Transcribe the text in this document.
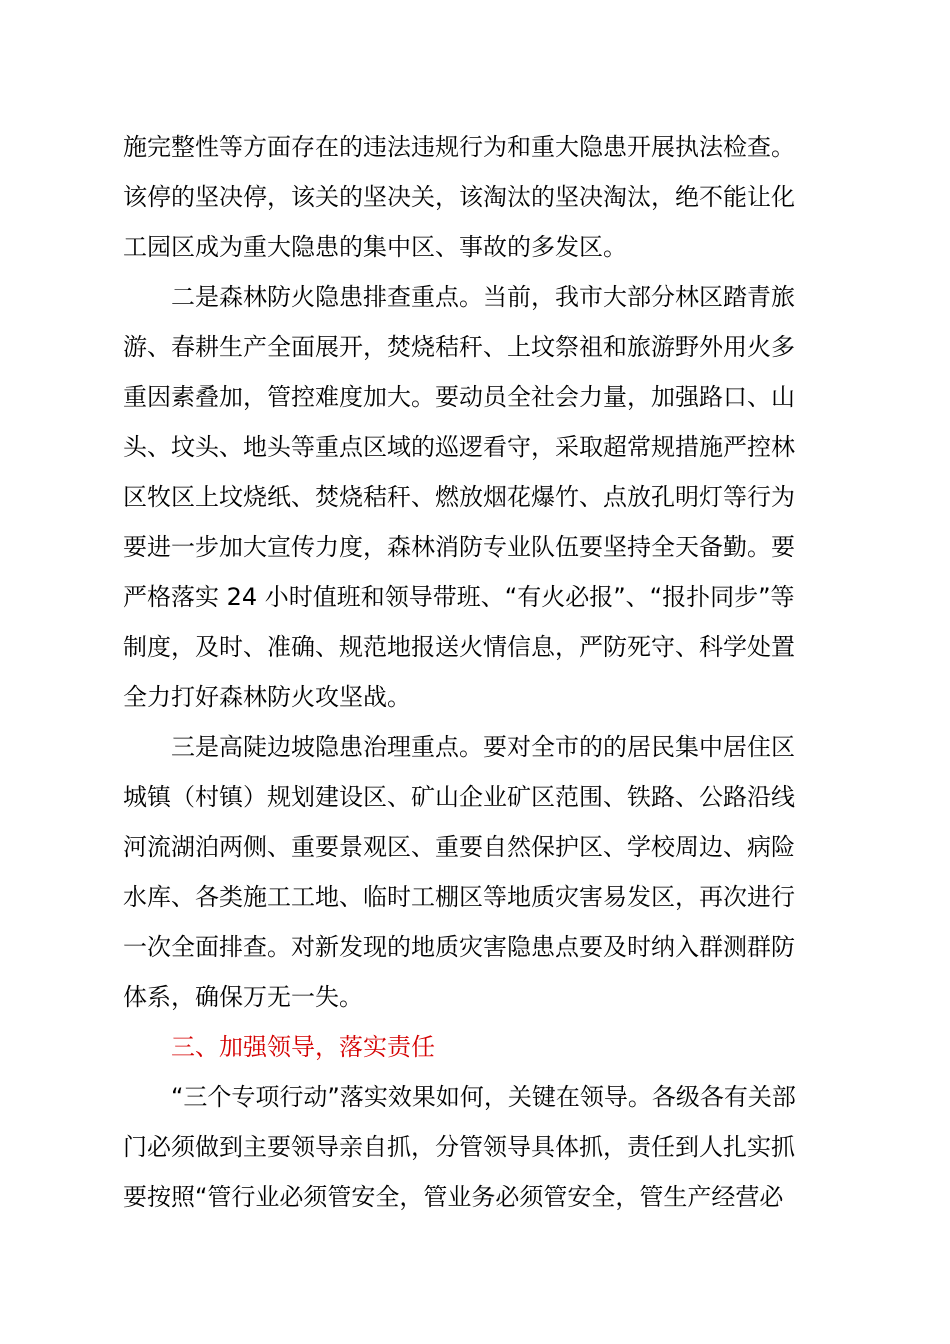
施完整性等方面存在的违法违规行为和重大隐患开展执法检查。
该停的坚决停，该关的坚决关，该淘汰的坚决淘汰，绝不能让化
工园区成为重大隐患的集中区、事故的多发区。
二是森林防火隐患排查重点。当前，我市大部分林区踏青旅
游、春耕生产全面展开，焚烧秸秆、上坟祭祖和旅游野外用火多
重因素叠加，管控难度加大。要动员全社会力量，加强路口、山
头、坟头、地头等重点区域的巡逻看守，采取超常规措施严控林
区牧区上坟烧纸、焚烧秸秆、燃放烟花爆竹、点放孔明灯等行为
要进一步加大宣传力度，森林消防专业队伍要坚持全天备勤。要
严格落实 24 小时值班和领导带班、“有火必报”、“报扑同步”等
制度，及时、准确、规范地报送火情信息，严防死守、科学处置
全力打好森林防火攻坚战。
三是高陡边坡隐患治理重点。要对全市的的居民集中居住区
城镇（村镇）规划建设区、矿山企业矿区范围、铁路、公路沿线
河流湖泊两侧、重要景观区、重要自然保护区、学校周边、病险
水库、各类施工工地、临时工棚区等地质灾害易发区，再次进行
一次全面排查。对新发现的地质灾害隐患点要及时纳入群测群防
体系，确保万无一失。
三、加强领导，落实责任
“三个专项行动”落实效果如何，关键在领导。各级各有关部
门必须做到主要领导亲自抓，分管领导具体抓，责任到人扎实抓
要按照“管行业必须管安全，管业务必须管安全，管生产经营必
